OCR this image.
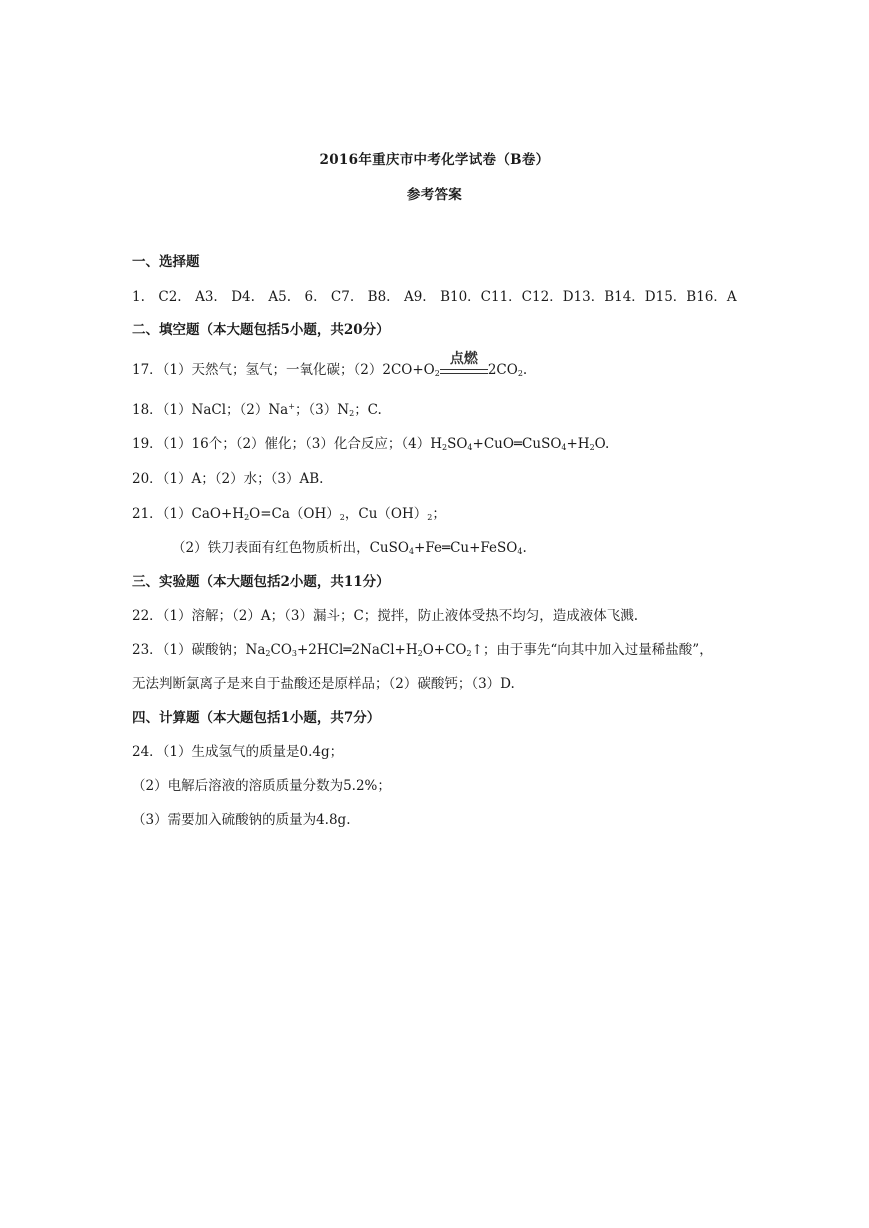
2016年重庆市中考化学试卷（B卷）
参考答案
一、选择题
1.　C2.　A3.　D4.　A5.　6.　C7.　B8.　A9.　B10．C11．C12．D13．B14．D15．B16．A
二、填空题（本大题包括5小题，共20分）
17．（1）天然气；氢气；一氧化碳；$(2)2CO+O_2$
点燃
$2CO_2$.
18．（1）NaCl；（2）Na+；$(3)N_2$；C.
19．（1）16个；（2）催化；（3）化合反应；$(4)H_2SO_4+CuO═CuSO_4+H_2O$.
20．（1）A；（2）水；（3）AB.
21．$(1)CaO+H_2O=Ca(OH)_2$，$Cu(OH)_2$；
（2）铁刀表面有红色物质析出，CuSO$_4$+Fe═Cu+FeSO$_4$.
三、实验题（本大题包括2小题，共11分）
22．（1）溶解；（2）A；（3）漏斗；C；搅拌，防止液体受热不均匀，造成液体飞溅.
23．（1）碳酸钠；$Na_2CO_3+2HCl═2NaCl+H_2O+CO_2↑$；由于事先“向其中加入过量稀盐酸”，
无法判断氯离子是来自于盐酸还是原样品；（2）碳酸钙；（3）D.
四、计算题（本大题包括1小题，共7分）
24．（1）生成氢气的质量是0.4g；
（2）电解后溶液的溶质质量分数为5.2%；
（3）需要加入硫酸钠的质量为4.8g.
